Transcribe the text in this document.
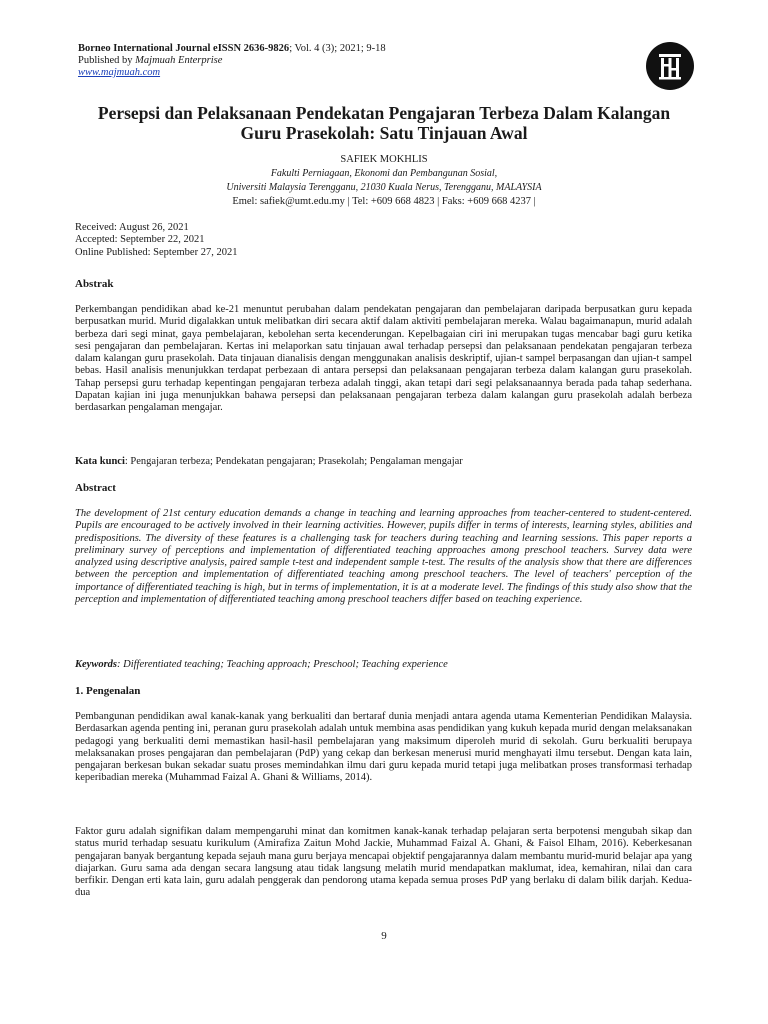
Borneo International Journal eISSN 2636-9826; Vol. 4 (3); 2021; 9-18
Published by Majmuah Enterprise
www.majmuah.com
Persepsi dan Pelaksanaan Pendekatan Pengajaran Terbeza Dalam Kalangan Guru Prasekolah: Satu Tinjauan Awal
SAFIEK MOKHLIS
Fakulti Perniagaan, Ekonomi dan Pembangunan Sosial,
Universiti Malaysia Terengganu, 21030 Kuala Nerus, Terengganu, MALAYSIA
Emel: safiek@umt.edu.my | Tel: +609 668 4823 | Faks: +609 668 4237 |
Received: August 26, 2021
Accepted: September 22, 2021
Online Published: September 27, 2021
Abstrak

Perkembangan pendidikan abad ke-21 menuntut perubahan dalam pendekatan pengajaran dan pembelajaran daripada berpusatkan guru kepada berpusatkan murid. Murid digalakkan untuk melibatkan diri secara aktif dalam aktiviti pembelajaran mereka. Walau bagaimanapun, murid adalah berbeza dari segi minat, gaya pembelajaran, kebolehan serta kecenderungan. Kepelbagaian ciri ini merupakan tugas mencabar bagi guru ketika sesi pengajaran dan pembelajaran. Kertas ini melaporkan satu tinjauan awal terhadap persepsi dan pelaksanaan pendekatan pengajaran terbeza dalam kalangan guru prasekolah. Data tinjauan dianalisis dengan menggunakan analisis deskriptif, ujian-t sampel berpasangan dan ujian-t sampel bebas. Hasil analisis menunjukkan terdapat perbezaan di antara persepsi dan pelaksanaan pengajaran terbeza dalam kalangan guru prasekolah. Tahap persepsi guru terhadap kepentingan pengajaran terbeza adalah tinggi, akan tetapi dari segi pelaksanaannya berada pada tahap sederhana. Dapatan kajian ini juga menunjukkan bahawa persepsi dan pelaksanaan pengajaran terbeza dalam kalangan guru prasekolah adalah berbeza berdasarkan pengalaman mengajar.

Kata kunci: Pengajaran terbeza; Pendekatan pengajaran; Prasekolah; Pengalaman mengajar
Abstract

The development of 21st century education demands a change in teaching and learning approaches from teacher-centered to student-centered. Pupils are encouraged to be actively involved in their learning activities. However, pupils differ in terms of interests, learning styles, abilities and predispositions. The diversity of these features is a challenging task for teachers during teaching and learning sessions. This paper reports a preliminary survey of perceptions and implementation of differentiated teaching approaches among preschool teachers. Survey data were analyzed using descriptive analysis, paired sample t-test and independent sample t-test. The results of the analysis show that there are differences between the perception and implementation of differentiated teaching among preschool teachers. The level of teachers' perception of the importance of differentiated teaching is high, but in terms of implementation, it is at a moderate level. The findings of this study also show that the perception and implementation of differentiated teaching among preschool teachers differ based on teaching experience.

Keywords: Differentiated teaching; Teaching approach; Preschool; Teaching experience
1. Pengenalan

Pembangunan pendidikan awal kanak-kanak yang berkualiti dan bertaraf dunia menjadi antara agenda utama Kementerian Pendidikan Malaysia. Berdasarkan agenda penting ini, peranan guru prasekolah adalah untuk membina asas pendidikan yang kukuh kepada murid dengan melaksanakan pedagogi yang berkualiti demi memastikan hasil-hasil pembelajaran yang maksimum diperoleh murid di sekolah. Guru berkualiti berupaya melaksanakan proses pengajaran dan pembelajaran (PdP) yang cekap dan berkesan menerusi murid menghayati ilmu tersebut. Dengan kata lain, pengajaran berkesan bukan sekadar suatu proses memindahkan ilmu dari guru kepada murid tetapi juga melibatkan proses transformasi terhadap keperibadian mereka (Muhammad Faizal A. Ghani & Williams, 2014).

Faktor guru adalah signifikan dalam mempengaruhi minat dan komitmen kanak-kanak terhadap pelajaran serta berpotensi mengubah sikap dan status murid terhadap sesuatu kurikulum (Amirafiza Zaitun Mohd Jackie, Muhammad Faizal A. Ghani, & Faisol Elham, 2016). Keberkesanan pengajaran banyak bergantung kepada sejauh mana guru berjaya mencapai objektif pengajarannya dalam membantu murid-murid belajar apa yang diajarkan. Guru sama ada dengan secara langsung atau tidak langsung melatih murid mendapatkan maklumat, idea, kemahiran, nilai dan cara berfikir. Dengan erti kata lain, guru adalah penggerak dan pendorong utama kepada semua proses PdP yang berlaku di dalam bilik darjah. Kedua-dua

9
